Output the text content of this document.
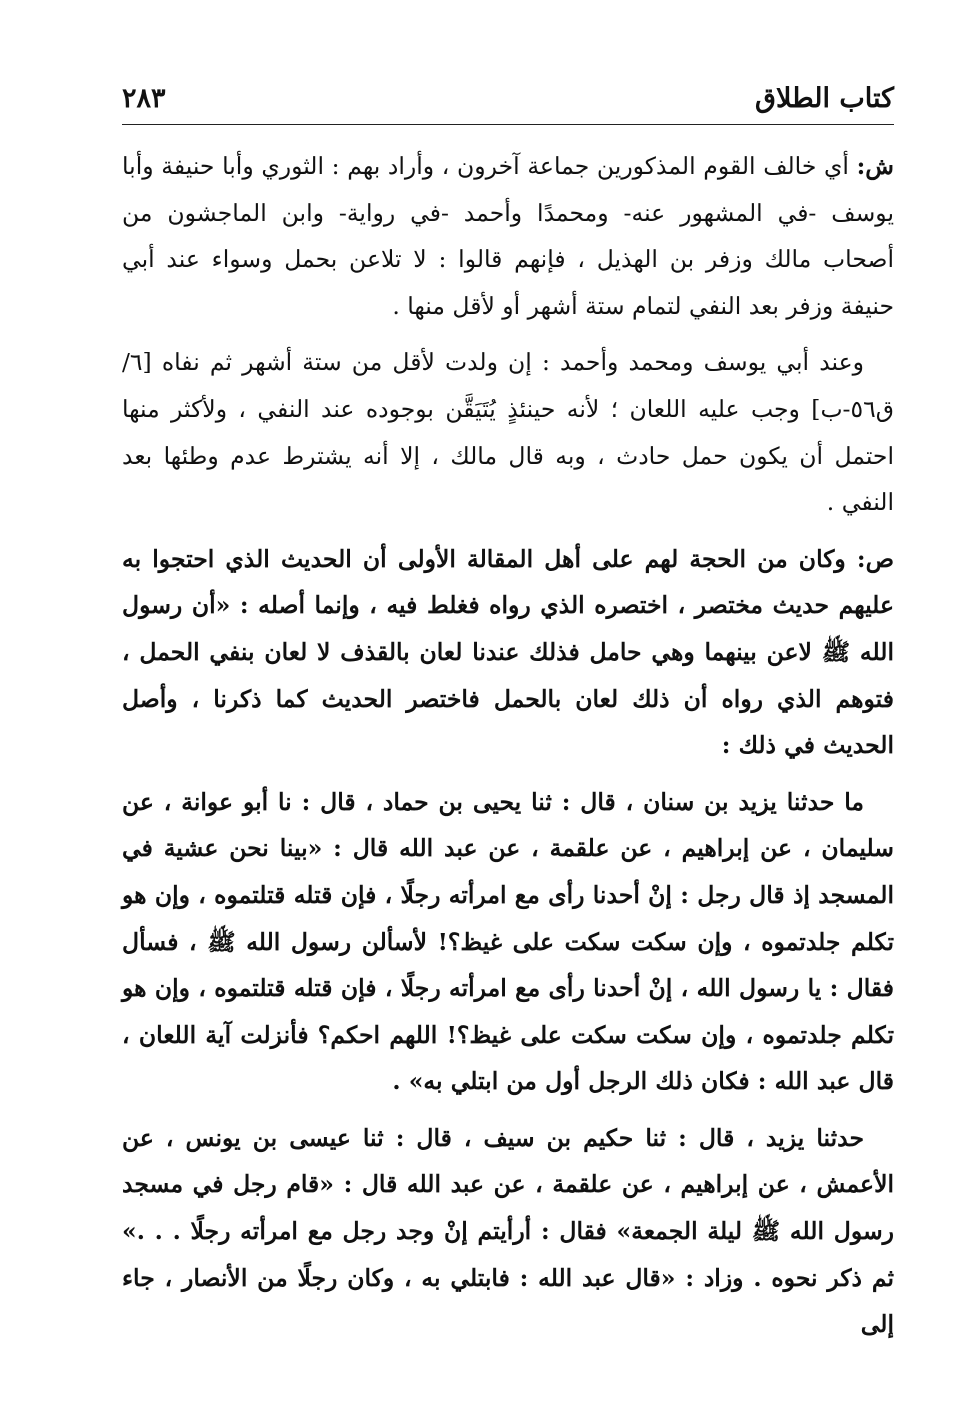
كتاب الطلاق
٢٨٣

ش: أي خالف القوم المذكورين جماعة آخرون ، وأراد بهم : الثوري وأبا حنيفة وأبا يوسف -في المشهور عنه- ومحمدًا وأحمد -في رواية- وابن الماجشون من أصحاب مالك وزفر بن الهذيل ، فإنهم قالوا : لا تلاعن بحمل وسواء عند أبي حنيفة وزفر بعد النفي لتمام ستة أشهر أو لأقل منها .

وعند أبي يوسف ومحمد وأحمد : إن ولدت لأقل من ستة أشهر ثم نفاه [٦/ ق٥٦-ب] وجب عليه اللعان ؛ لأنه حينئذٍ يُتَيَقَّن بوجوده عند النفي ، ولأكثر منها احتمل أن يكون حمل حادث ، وبه قال مالك ، إلا أنه يشترط عدم وطئها بعد النفي .

ص: وكان من الحجة لهم على أهل المقالة الأولى أن الحديث الذي احتجوا به عليهم حديث مختصر ، اختصره الذي رواه فغلط فيه ، وإنما أصله : «أن رسول الله ﷺ لاعن بينهما وهي حامل فذلك عندنا لعان بالقذف لا لعان بنفي الحمل ، فتوهم الذي رواه أن ذلك لعان بالحمل فاختصر الحديث كما ذكرنا ، وأصل الحديث في ذلك :

ما حدثنا يزيد بن سنان ، قال : ثنا يحيى بن حماد ، قال : نا أبو عوانة ، عن سليمان ، عن إبراهيم ، عن علقمة ، عن عبد الله قال : «بينا نحن عشية في المسجد إذ قال رجل : إنْ أحدنا رأى مع امرأته رجلًا ، فإن قتله قتلتموه ، وإن هو تكلم جلدتموه ، وإن سكت سكت على غيظ؟! لأسألن رسول الله ﷺ ، فسأل فقال : يا رسول الله ، إنْ أحدنا رأى مع امرأته رجلًا ، فإن قتله قتلتموه ، وإن هو تكلم جلدتموه ، وإن سكت سكت على غيظ؟! اللهم احكم؟ فأنزلت آية اللعان ، قال عبد الله : فكان ذلك الرجل أول من ابتلي به» .

حدثنا يزيد ، قال : ثنا حكيم بن سيف ، قال : ثنا عيسى بن يونس ، عن الأعمش ، عن إبراهيم ، عن علقمة ، عن عبد الله قال : «قام رجل في مسجد رسول الله ﷺ ليلة الجمعة» فقال : أرأيتم إنْ وجد رجل مع امرأته رجلًا . . .» ثم ذكر نحوه . وزاد : «قال عبد الله : فابتلي به ، وكان رجلًا من الأنصار ، جاء إلى
